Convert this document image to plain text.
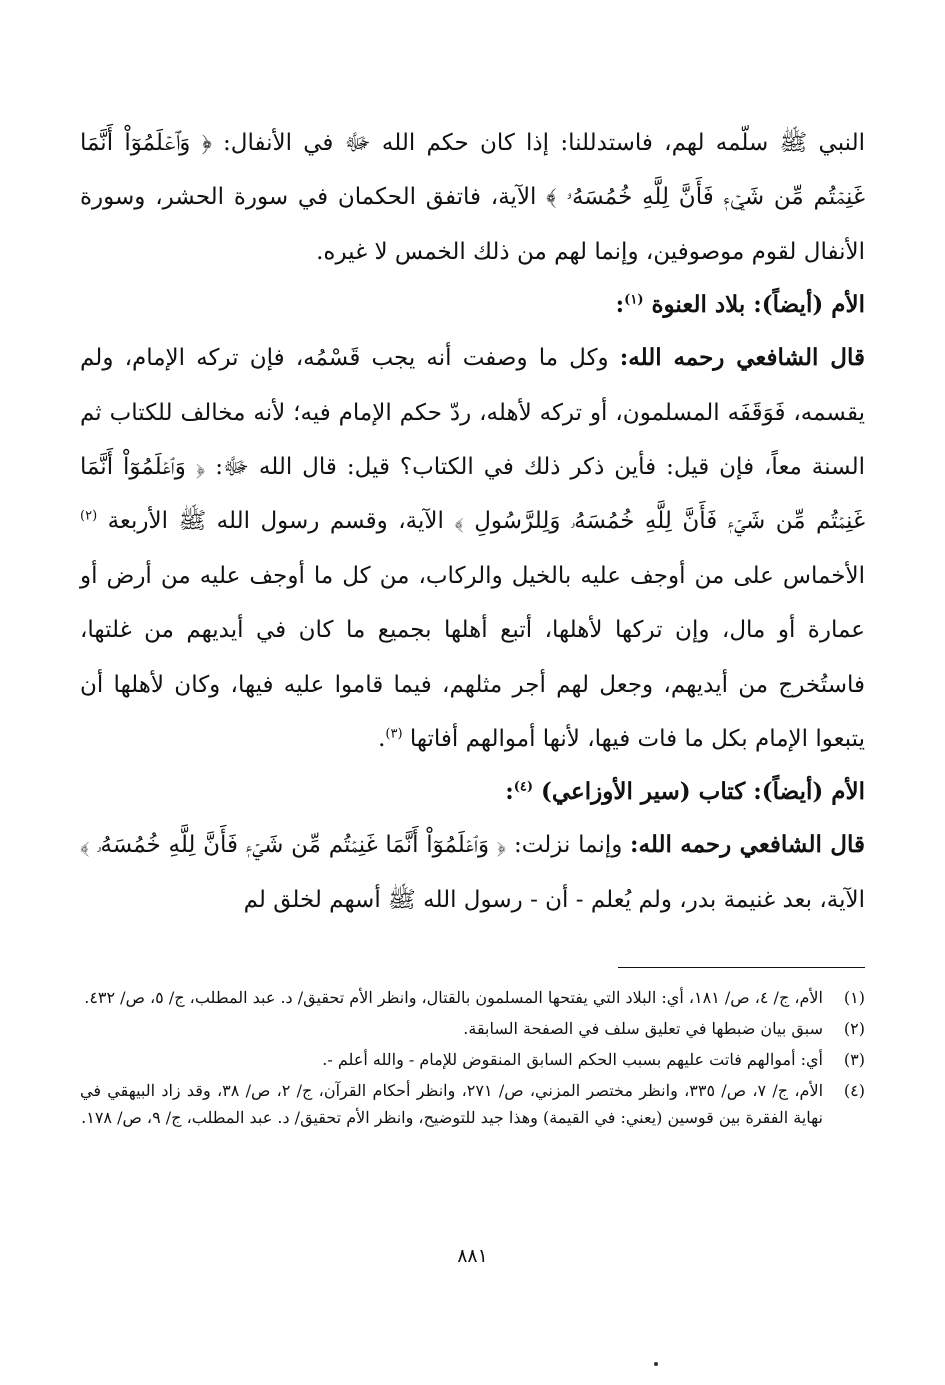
النبي ﷺ سلّمه لهم، فاستدللنا: إذا كان حكم الله ﷻ في الأنفال: ﴿ وَٱعۡلَمُوٓاْ أَنَّمَا غَنِمۡتُم مِّن شَيۡءٖ فَأَنَّ لِلَّهِ خُمُسَهُۥ ﴾ الآية، فاتفق الحكمان في سورة الحشر، وسورة الأنفال لقوم موصوفين، وإنما لهم من ذلك الخمس لا غيره.

الأم (أيضاً): بلاد العنوة $^{(١)}$:

قال الشافعي رحمه الله: وكل ما وصفت أنه يجب قَسْمُه، فإن تركه الإمام، ولم يقسمه، فَوَقَفَه المسلمون، أو تركه لأهله، ردّ حكم الإمام فيه؛ لأنه مخالف للكتاب ثم السنة معاً، فإن قيل: فأين ذكر ذلك في الكتاب؟ قيل: قال الله ﷻ: ﴿ وَٱعۡلَمُوٓاْ أَنَّمَا غَنِمۡتُم مِّن شَيۡءٖ فَأَنَّ لِلَّهِ خُمُسَهُۥ وَلِلرَّسُولِ ﴾ الآية، وقسم رسول الله ﷺ الأربعة $^{(٢)}$ الأخماس على من أوجف عليه بالخيل والركاب، من كل ما أوجف عليه من أرض أو عمارة أو مال، وإن تركها لأهلها، أتبع أهلها بجميع ما كان في أيديهم من غلتها، فاستُخرج من أيديهم، وجعل لهم أجر مثلهم، فيما قاموا عليه فيها، وكان لأهلها أن يتبعوا الإمام بكل ما فات فيها، لأنها أموالهم أفاتها $^{(٣)}$.

الأم (أيضاً): كتاب (سير الأوزاعي) $^{(٤)}$:

قال الشافعي رحمه الله: وإنما نزلت: ﴿ وَٱعۡلَمُوٓاْ أَنَّمَا غَنِمۡتُم مِّن شَيۡءٖ فَأَنَّ لِلَّهِ خُمُسَهُۥ ﴾ الآية، بعد غنيمة بدر، ولم يُعلم - أن - رسول الله ﷺ أسهم لخلق لم

(١)
الأم، ج/ ٤، ص/ ١٨١، أي: البلاد التي يفتحها المسلمون بالقتال، وانظر الأم تحقيق/ د. عبد المطلب، ج/ ٥، ص/ ٤٣٢.
(٢)
سبق بيان ضبطها في تعليق سلف في الصفحة السابقة.
(٣)
أي: أموالهم فاتت عليهم بسبب الحكم السابق المنقوض للإمام - والله أعلم -.
(٤)
الأم، ج/ ٧، ص/ ٣٣٥، وانظر مختصر المزني، ص/ ٢٧١، وانظر أحكام القرآن، ج/ ٢، ص/ ٣٨، وقد زاد البيهقي في نهاية الفقرة بين قوسين (يعني: في القيمة) وهذا جيد للتوضيح، وانظر الأم تحقيق/ د. عبد المطلب، ج/ ٩، ص/ ١٧٨.
٨٨١
